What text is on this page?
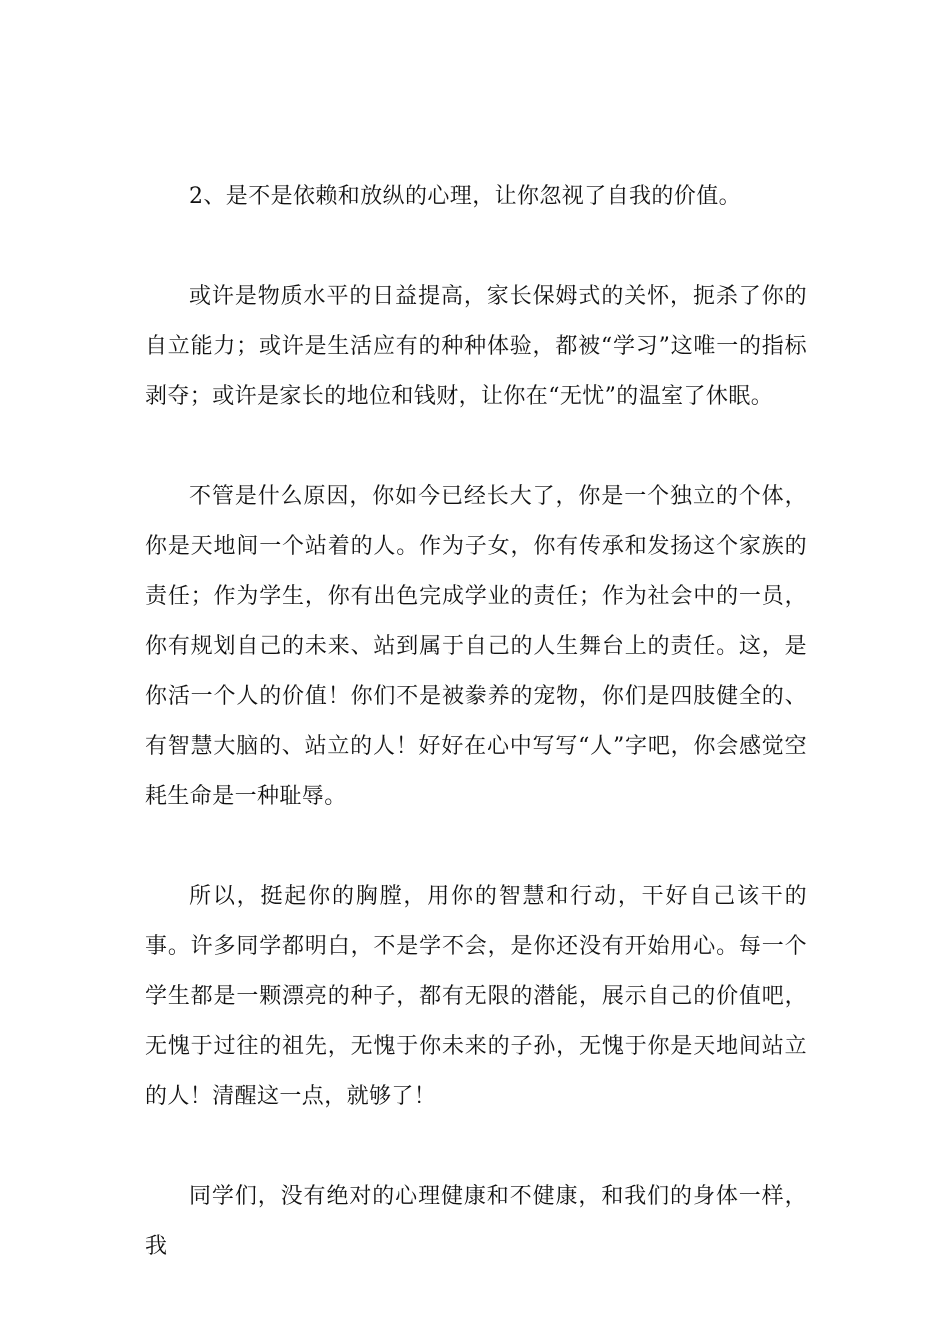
2、是不是依赖和放纵的心理，让你忽视了自我的价值。

或许是物质水平的日益提高，家长保姆式的关怀，扼杀了你的自立能力；或许是生活应有的种种体验，都被“学习”这唯一的指标剥夺；或许是家长的地位和钱财，让你在“无忧”的温室了休眠。

不管是什么原因，你如今已经长大了，你是一个独立的个体，你是天地间一个站着的人。作为子女，你有传承和发扬这个家族的责任；作为学生，你有出色完成学业的责任；作为社会中的一员，你有规划自己的未来、站到属于自己的人生舞台上的责任。这，是你活一个人的价值！你们不是被豢养的宠物，你们是四肢健全的、有智慧大脑的、站立的人！好好在心中写写“人”字吧，你会感觉空耗生命是一种耻辱。

所以，挺起你的胸膛，用你的智慧和行动，干好自己该干的事。许多同学都明白，不是学不会，是你还没有开始用心。每一个学生都是一颗漂亮的种子，都有无限的潜能，展示自己的价值吧，无愧于过往的祖先，无愧于你未来的子孙，无愧于你是天地间站立的人！清醒这一点，就够了！

同学们，没有绝对的心理健康和不健康，和我们的身体一样，我
